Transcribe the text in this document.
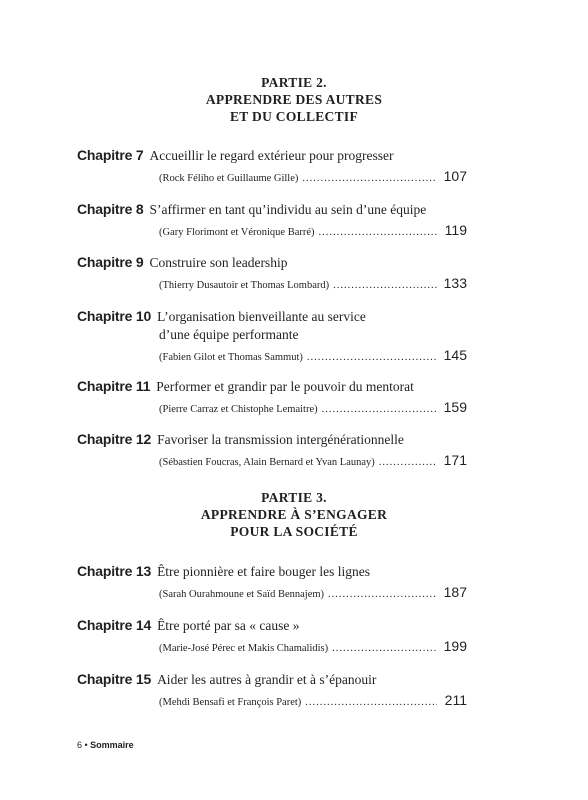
PARTIE 2.
APPRENDRE DES AUTRES
ET DU COLLECTIF
Chapitre 7 Accueillir le regard extérieur pour progresser
(Rock Féliho et Guillaume Gille) .....	107
Chapitre 8 S’affirmer en tant qu’individu au sein d’une équipe
(Gary Florimont et Véronique Barré) .....	119
Chapitre 9 Construire son leadership
(Thierry Dusautoir et Thomas Lombard) .....	133
Chapitre 10 L’organisation bienveillante au service
d’une équipe performante
(Fabien Gilot et Thomas Sammut) .....	145
Chapitre 11 Performer et grandir par le pouvoir du mentorat
(Pierre Carraz et Chistophe Lemaitre) .....	159
Chapitre 12 Favoriser la transmission intergénérationnelle
(Sébastien Foucras, Alain Bernard et Yvan Launay) .....	171
PARTIE 3.
APPRENDRE À S’ENGAGER
POUR LA SOCIÉTÉ
Chapitre 13 Être pionnière et faire bouger les lignes
(Sarah Ourahmoune et Saïd Bennajem) .....	187
Chapitre 14 Être porté par sa « cause »
(Marie-José Pérec et Makis Chamalidis) .....	199
Chapitre 15 Aider les autres à grandir et à s’épanouir
(Mehdi Bensafi et François Paret) .....	211
6 • Sommaire
